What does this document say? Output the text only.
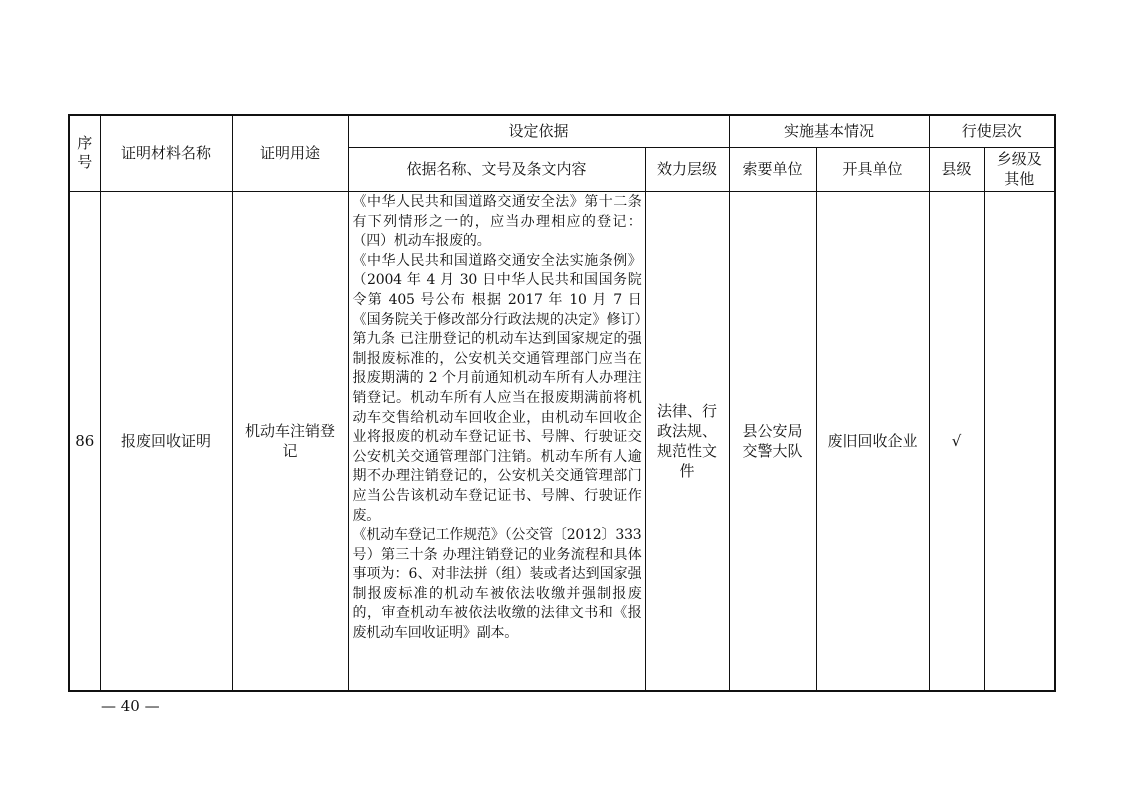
序号	证明材料名称	证明用途	设定依据		实施基本情况		行使层次	
			依据名称、文号及条文内容	效力层级	索要单位	开具单位	县级	乡级及其他
86	报废回收证明	机动车注销登记	《中华人民共和国道路交通安全法》第十二条 有下列情形之一的，应当办理相应的登记：（四）机动车报废的。

《中华人民共和国道路交通安全法实施条例》（2004 年 4 月 30 日中华人民共和国国务院令第 405 号公布 根据 2017 年 10 月 7 日《国务院关于修改部分行政法规的决定》修订）第九条 已注册登记的机动车达到国家规定的强制报废标准的，公安机关交通管理部门应当在报废期满的 2 个月前通知机动车所有人办理注销登记。机动车所有人应当在报废期满前将机动车交售给机动车回收企业，由机动车回收企业将报废的机动车登记证书、号牌、行驶证交公安机关交通管理部门注销。机动车所有人逾期不办理注销登记的，公安机关交通管理部门应当公告该机动车登记证书、号牌、行驶证作废。

《机动车登记工作规范》（公交管〔2012〕333 号）第三十条 办理注销登记的业务流程和具体事项为：6、对非法拼（组）装或者达到国家强制报废标准的机动车被依法收缴并强制报废的，审查机动车被依法收缴的法律文书和《报废机动车回收证明》副本。	法律、行政法规、规范性文件	县公安局交警大队	废旧回收企业	√	
— 40 —
